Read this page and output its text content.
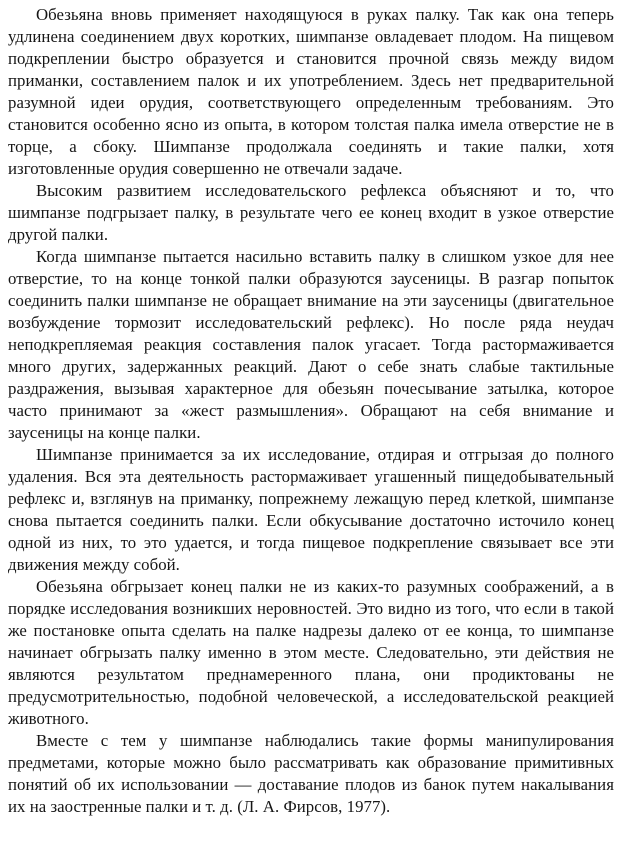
Обезьяна вновь применяет находящуюся в руках палку. Так как она теперь удлинена соединением двух коротких, шимпанзе овладевает плодом. На пищевом подкреплении быстро образуется и становится прочной связь между видом приманки, составлением палок и их употреблением. Здесь нет предварительной разумной идеи орудия, соответствующего определенным требованиям. Это становится особенно ясно из опыта, в котором толстая палка имела отверстие не в торце, а сбоку. Шимпанзе продолжала соединять и такие палки, хотя изготовленные орудия совершенно не отвечали задаче.

Высоким развитием исследовательского рефлекса объясняют и то, что шимпанзе подгрызает палку, в результате чего ее конец входит в узкое отверстие другой палки.

Когда шимпанзе пытается насильно вставить палку в слишком узкое для нее отверстие, то на конце тонкой палки образуются заусеницы. В разгар попыток соединить палки шимпанзе не обращает внимание на эти заусеницы (двигательное возбуждение тормозит исследовательский рефлекс). Но после ряда неудач неподкрепляемая реакция составления палок угасает. Тогда растормаживается много других, задержанных реакций. Дают о себе знать слабые тактильные раздражения, вызывая характерное для обезьян почесывание затылка, которое часто принимают за «жест размышления». Обращают на себя внимание и заусеницы на конце палки.

Шимпанзе принимается за их исследование, отдирая и отгрызая до полного удаления. Вся эта деятельность растормаживает угашенный пищедобывательный рефлекс и, взглянув на приманку, попрежнему лежащую перед клеткой, шимпанзе снова пытается соединить палки. Если обкусывание достаточно источило конец одной из них, то это удается, и тогда пищевое подкрепление связывает все эти движения между собой.

Обезьяна обгрызает конец палки не из каких-то разумных соображений, а в порядке исследования возникших неровностей. Это видно из того, что если в такой же постановке опыта сделать на палке надрезы далеко от ее конца, то шимпанзе начинает обгрызать палку именно в этом месте. Следовательно, эти действия не являются результатом преднамеренного плана, они продиктованы не предусмотрительностью, подобной человеческой, а исследовательской реакцией животного.

Вместе с тем у шимпанзе наблюдались такие формы манипулирования предметами, которые можно было рассматривать как образование примитивных понятий об их использовании — доставание плодов из банок путем накалывания их на заостренные палки и т. д. (Л. А. Фирсов, 1977).
